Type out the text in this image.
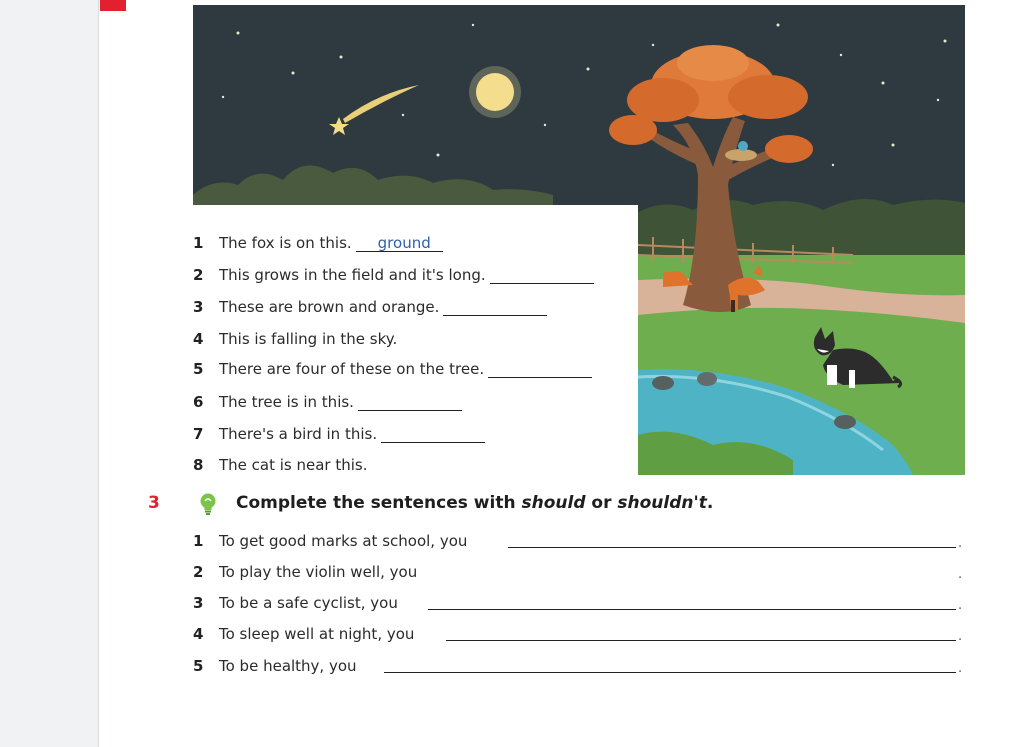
1	The fox is on this.	ground
2	This grows in the field and it's long.
3	These are brown and orange.
4	This is falling in the sky.
5	There are four of these on the tree.
6	The tree is in this.
7	There's a bird in this.
8	The cat is near this.
3	Complete the sentences with should or shouldn't.
1 To get good marks at school, you	.
2 To play the violin well, you	.
3 To be a safe cyclist, you	.
4 To sleep well at night, you	.
5 To be healthy, you	.
